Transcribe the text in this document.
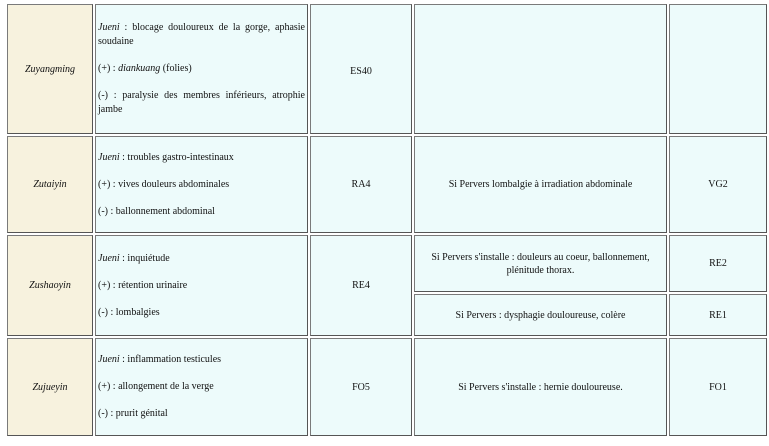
Zuyangming	Jueni : blocage douloureux de la gorge, aphasie soudaine

(+) : diankuang (folies)

(-) : paralysie des membres inférieurs, atrophie jambe	ES40		
Zutaiyin	Jueni : troubles gastro-intestinaux

(+) : vives douleurs abdominales

(-) : ballonnement abdominal	RA4	Si Pervers lombalgie à irradiation abdominale	VG2
Zushaoyin	Jueni : inquiétude

(+) : rétention urinaire

(-) : lombalgies	RE4	Si Pervers s'installe : douleurs au coeur, ballonnement, plénitude thorax.	RE2
			Si Pervers : dysphagie douloureuse, colère	RE1
Zujueyin	Jueni : inflammation testicules

(+) : allongement de la verge

(-) : prurit génital	FO5	Si Pervers s'installe : hernie douloureuse.	FO1
